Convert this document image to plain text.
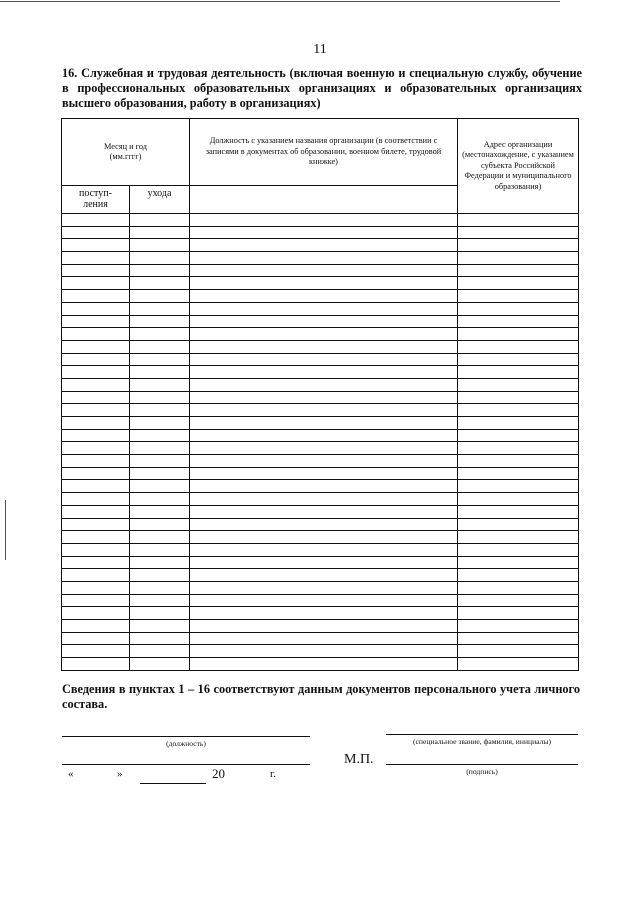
11
16. Служебная и трудовая деятельность (включая военную и специальную службу, обучение в профессиональных образовательных организациях и образовательных организациях высшего образования, работу в организациях)
Месяц и год (мм.гггг)		Должность с указанием названия организации (в соответствии с записями в документах об образовании, военном билете, трудовой книжке)	Адрес организации (местонахождение, с указанием субъекта Российской Федерации и муниципального образования)
поступ-ления	ухода		

Сведения в пунктах 1 – 16 соответствуют данным документов персонального учета личного состава.
(должность)	(специальное звание, фамилия, инициалы)
М.П.
(подпись)
«	»	20	г.
